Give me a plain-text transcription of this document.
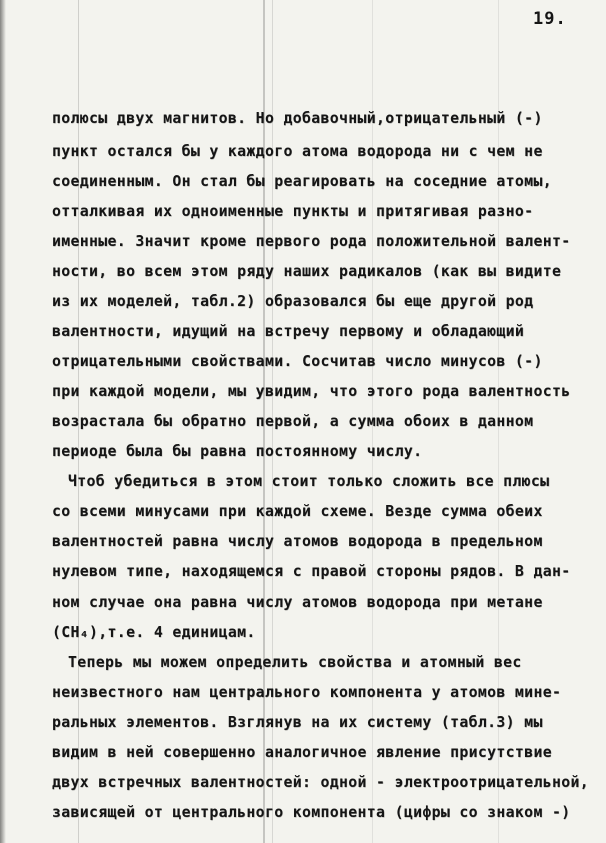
19.
полюсы двух магнитов. Но добавочный,отрицательный (-)
пункт остался бы у каждого атома водорода ни с чем не
соединенным. Он стал бы реагировать на соседние атомы,
отталкивая их одноименные пункты и притягивая разно-
именные. Значит кроме первого рода положительной валент-
ности, во всем этом ряду наших радикалов (как вы видите
из их моделей, табл.2) образовался бы еще другой род
валентности, идущий на встречу первому и обладающий
отрицательными свойствами. Сосчитав число минусов (-)
при каждой модели, мы увидим, что этого рода валентность
возрастала бы обратно первой, а сумма обоих в данном
периоде была бы равна постоянному числу.
Чтоб убедиться в этом стоит только сложить все плюсы
со всеми минусами при каждой схеме. Везде сумма обеих
валентностей равна числу атомов водорода в предельном
нулевом типе, находящемся с правой стороны рядов. В дан-
ном случае она равна числу атомов водорода при метане
(CH₄),т.е. 4 единицам.
Теперь мы можем определить свойства и атомный вес
неизвестного нам центрального компонента у атомов мине-
ральных элементов. Взглянув на их систему (табл.3) мы
видим в ней совершенно аналогичное явление присутствие
двух встречных валентностей: одной - электроотрицательной,
зависящей от центрального компонента (цифры со знаком -)
